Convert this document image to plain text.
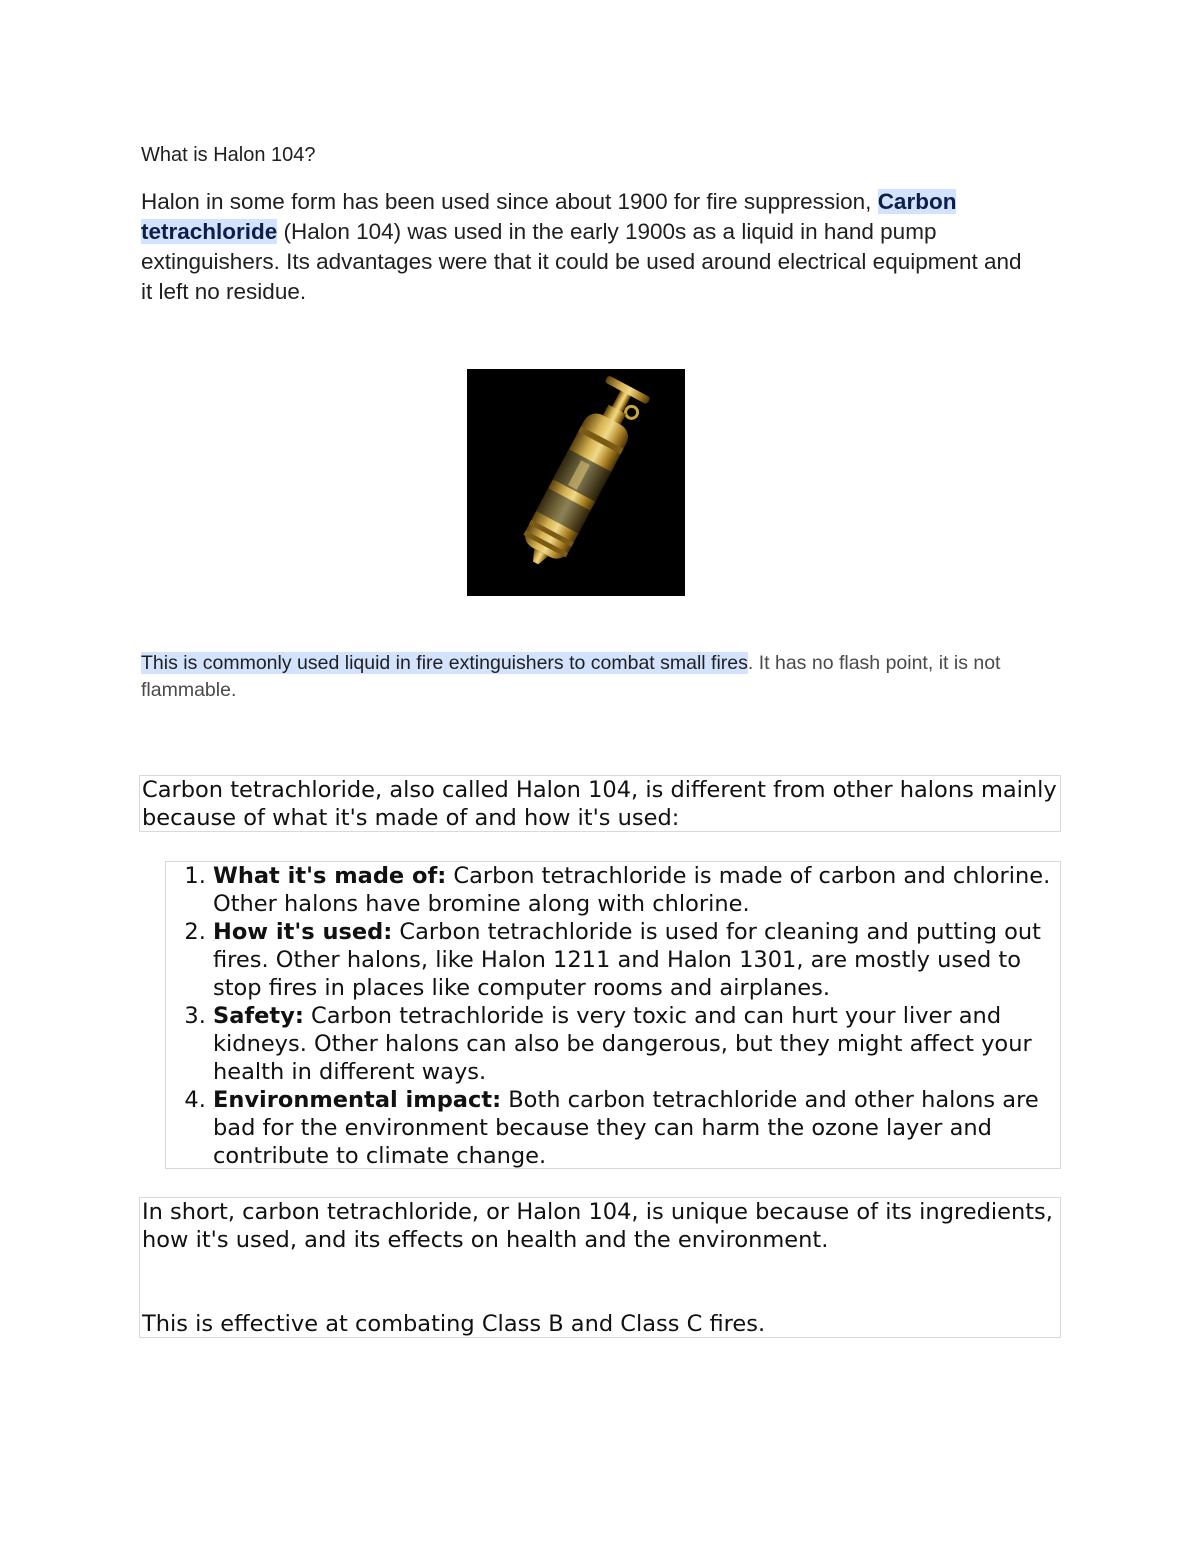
What is Halon 104?

Halon in some form has been used since about 1900 for fire suppression, Carbon tetrachloride (Halon 104) was used in the early 1900s as a liquid in hand pump extinguishers. Its advantages were that it could be used around electrical equipment and it left no residue.

This is commonly used liquid in fire extinguishers to combat small fires. It has no flash point, it is not flammable.

Carbon tetrachloride, also called Halon 104, is different from other halons mainly because of what it's made of and how it's used:

1. What it's made of: Carbon tetrachloride is made of carbon and chlorine. Other halons have bromine along with chlorine.
2. How it's used: Carbon tetrachloride is used for cleaning and putting out fires. Other halons, like Halon 1211 and Halon 1301, are mostly used to stop fires in places like computer rooms and airplanes.
3. Safety: Carbon tetrachloride is very toxic and can hurt your liver and kidneys. Other halons can also be dangerous, but they might affect your health in different ways.
4. Environmental impact: Both carbon tetrachloride and other halons are bad for the environment because they can harm the ozone layer and contribute to climate change.

In short, carbon tetrachloride, or Halon 104, is unique because of its ingredients, how it's used, and its effects on health and the environment.

This is effective at combating Class B and Class C fires.
